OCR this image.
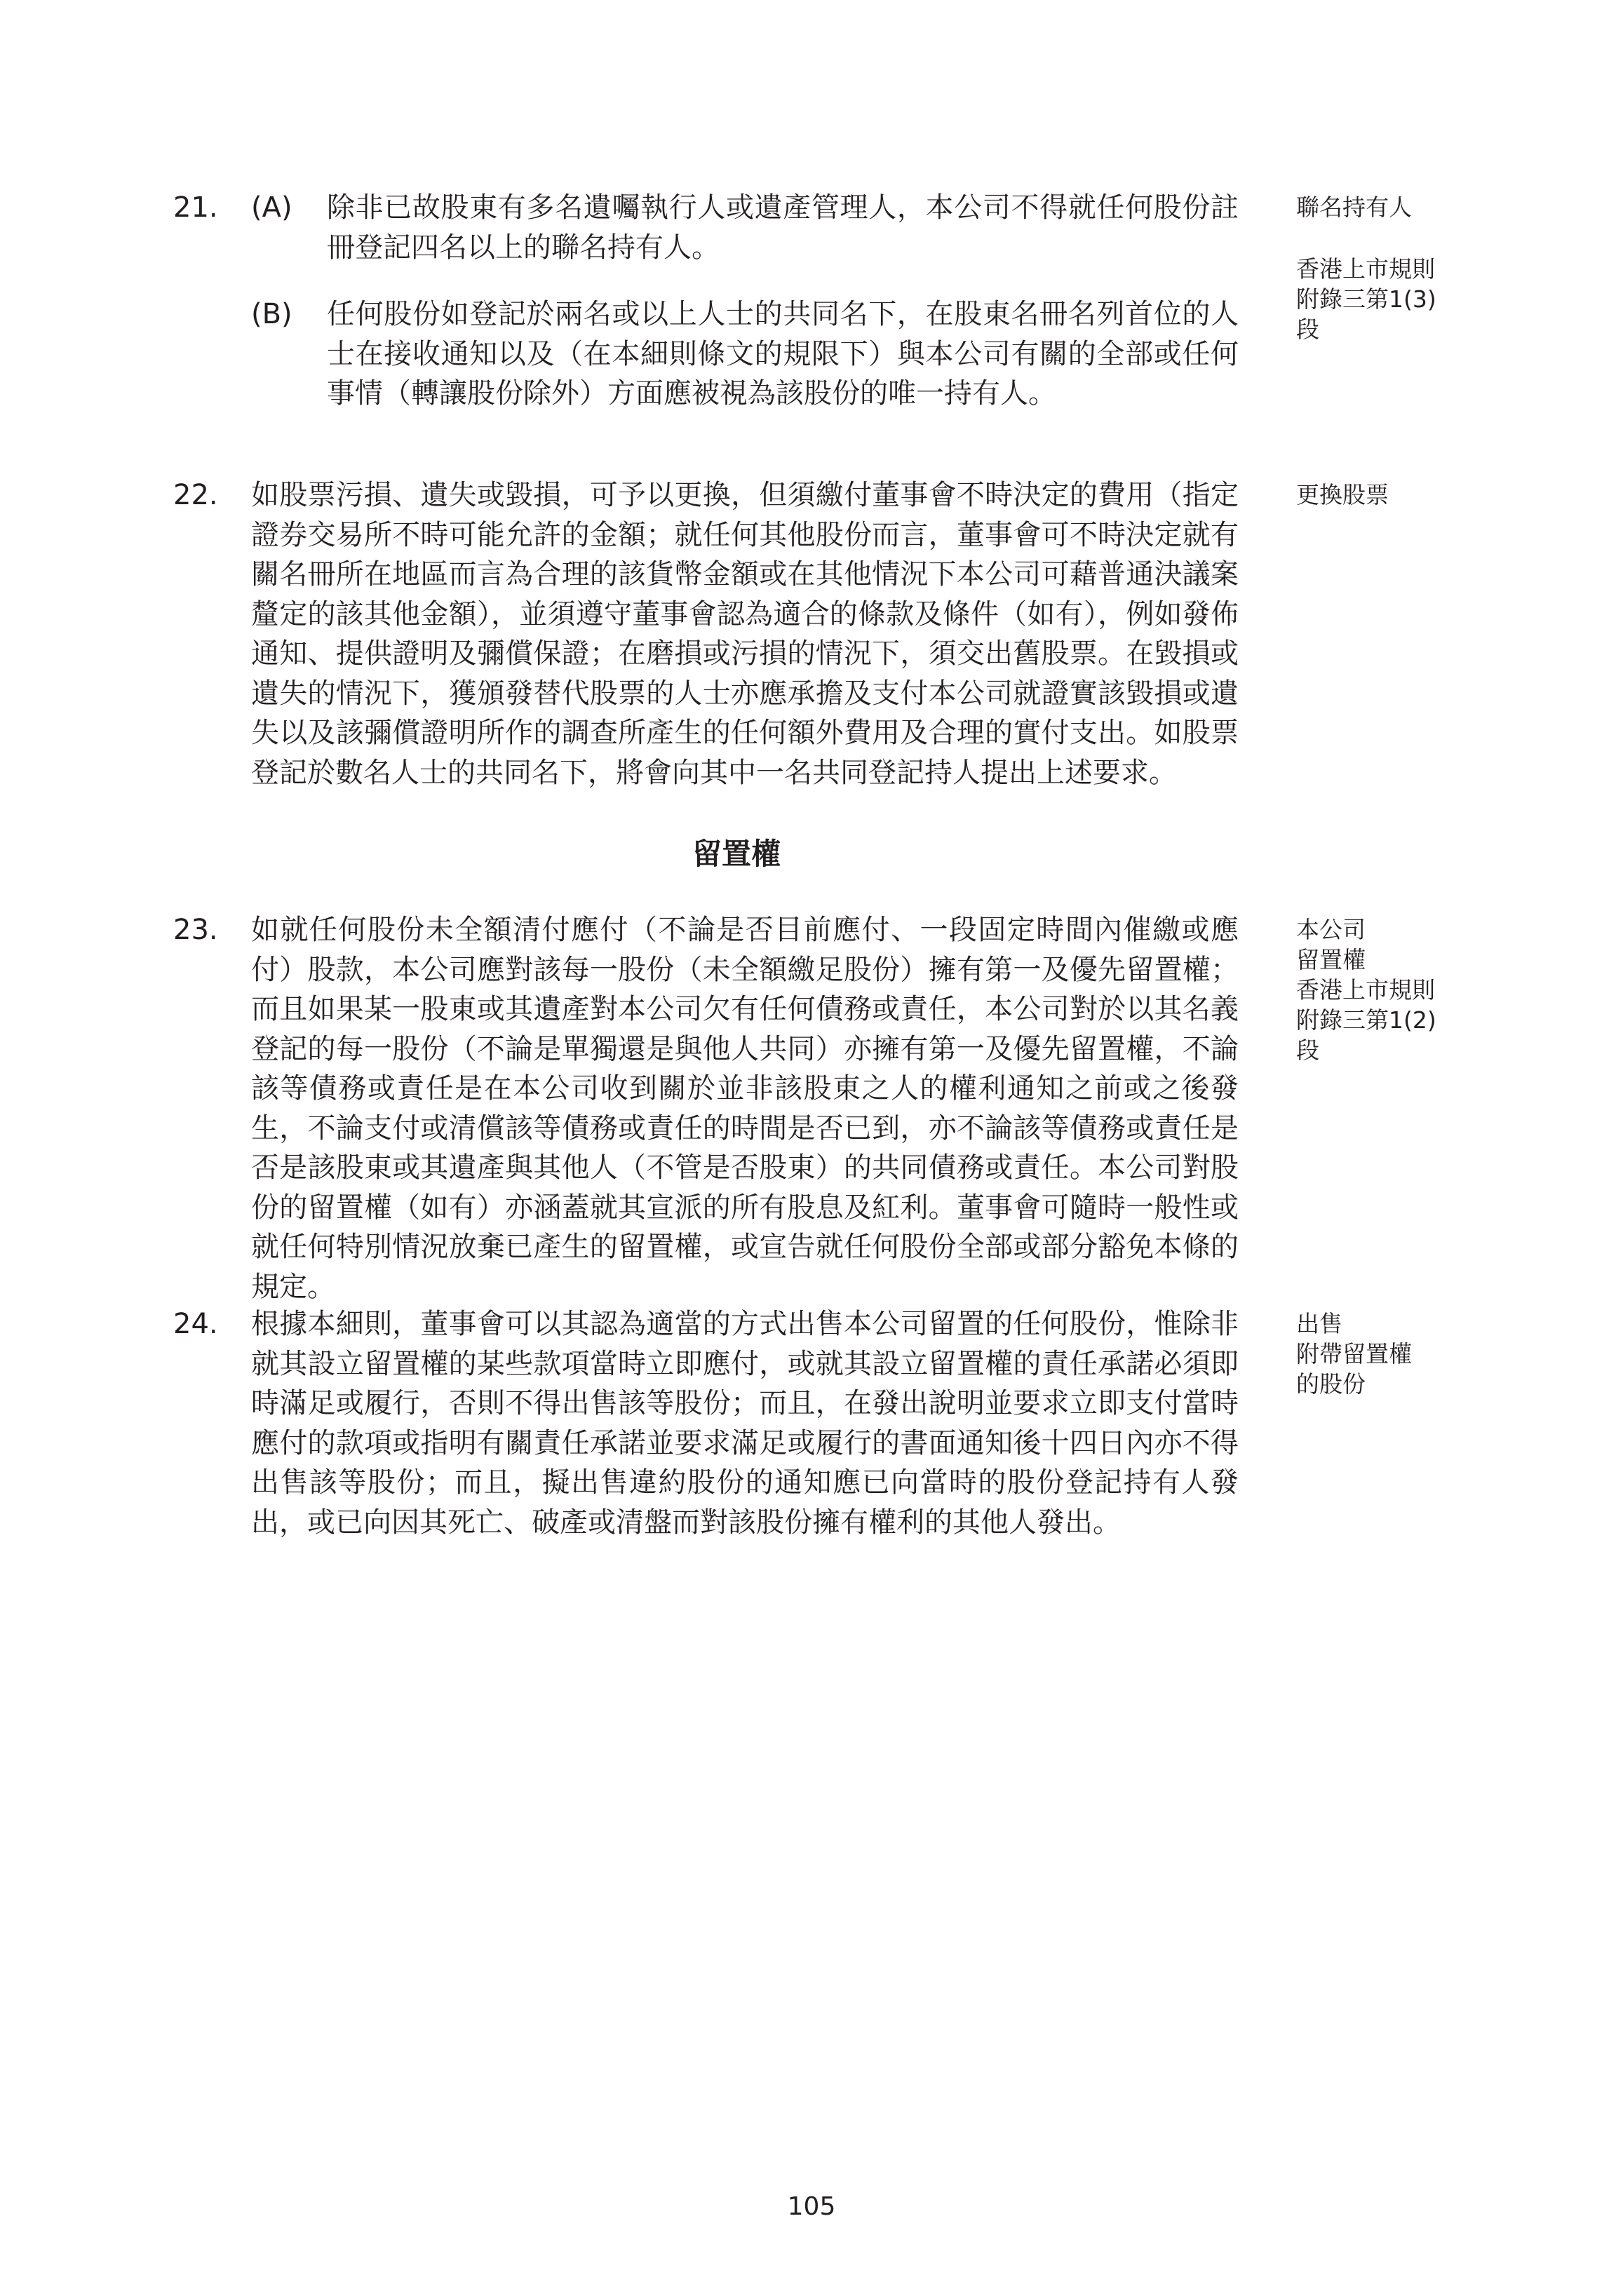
21. (A) 除非已故股東有多名遺囑執行人或遺產管理人，本公司不得就任何股份註冊登記四名以上的聯名持有人。
(B) 任何股份如登記於兩名或以上人士的共同名下，在股東名冊名列首位的人士在接收通知以及（在本細則條文的規限下）與本公司有關的全部或任何事情（轉讓股份除外）方面應被視為該股份的唯一持有人。
聯名持有人
香港上市規則
附錄三第1(3)
段
22. 如股票污損、遺失或毀損，可予以更換，但須繳付董事會不時決定的費用（指定證券交易所不時可能允許的金額；就任何其他股份而言，董事會可不時決定就有關名冊所在地區而言為合理的該貨幣金額或在其他情況下本公司可藉普通決議案釐定的該其他金額），並須遵守董事會認為適合的條款及條件（如有），例如發佈通知、提供證明及彌償保證；在磨損或污損的情況下，須交出舊股票。在毀損或遺失的情況下，獲頒發替代股票的人士亦應承擔及支付本公司就證實該毀損或遺失以及該彌償證明所作的調查所產生的任何額外費用及合理的實付支出。如股票登記於數名人士的共同名下，將會向其中一名共同登記持人提出上述要求。
更換股票
留置權
23. 如就任何股份未全額清付應付（不論是否目前應付、一段固定時間內催繳或應付）股款，本公司應對該每一股份（未全額繳足股份）擁有第一及優先留置權；而且如果某一股東或其遺產對本公司欠有任何債務或責任，本公司對於以其名義登記的每一股份（不論是單獨還是與他人共同）亦擁有第一及優先留置權，不論該等債務或責任是在本公司收到關於並非該股東之人的權利通知之前或之後發生，不論支付或清償該等債務或責任的時間是否已到，亦不論該等債務或責任是否是該股東或其遺產與其他人（不管是否股東）的共同債務或責任。本公司對股份的留置權（如有）亦涵蓋就其宣派的所有股息及紅利。董事會可隨時一般性或就任何特別情況放棄已產生的留置權，或宣告就任何股份全部或部分豁免本條的規定。
本公司
留置權
香港上市規則
附錄三第1(2)
段
24. 根據本細則，董事會可以其認為適當的方式出售本公司留置的任何股份，惟除非就其設立留置權的某些款項當時立即應付，或就其設立留置權的責任承諾必須即時滿足或履行，否則不得出售該等股份；而且，在發出說明並要求立即支付當時應付的款項或指明有關責任承諾並要求滿足或履行的書面通知後十四日內亦不得出售該等股份；而且，擬出售違約股份的通知應已向當時的股份登記持有人發出，或已向因其死亡、破產或清盤而對該股份擁有權利的其他人發出。
出售
附帶留置權
的股份
105
